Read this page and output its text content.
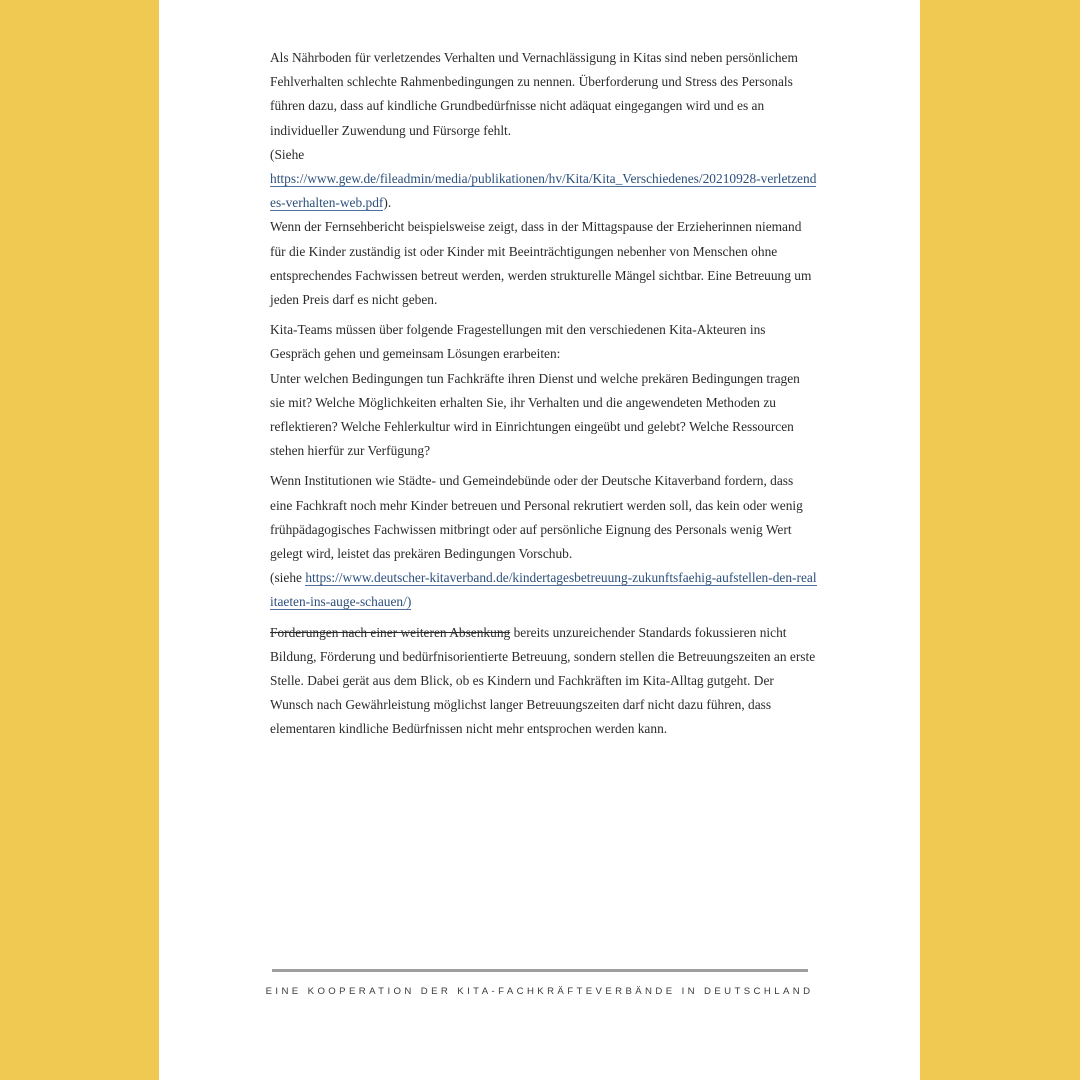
Als Nährboden für verletzendes Verhalten und Vernachlässigung in Kitas sind neben persönlichem Fehlverhalten schlechte Rahmenbedingungen zu nennen. Überforderung und Stress des Personals führen dazu, dass auf kindliche Grundbedürfnisse nicht adäquat eingegangen wird und es an individueller Zuwendung und Fürsorge fehlt.
(Siehe
https://www.gew.de/fileadmin/media/publikationen/hv/Kita/Kita_Verschiedenes/20210928-verletzendes-verhalten-web.pdf).
Wenn der Fernsehbericht beispielsweise zeigt, dass in der Mittagspause der Erzieherinnen niemand für die Kinder zuständig ist oder Kinder mit Beeinträchtigungen nebenher von Menschen ohne entsprechendes Fachwissen betreut werden, werden strukturelle Mängel sichtbar. Eine Betreuung um jeden Preis darf es nicht geben.

Kita-Teams müssen über folgende Fragestellungen mit den verschiedenen Kita-Akteuren ins Gespräch gehen und gemeinsam Lösungen erarbeiten:
Unter welchen Bedingungen tun Fachkräfte ihren Dienst und welche prekären Bedingungen tragen sie mit? Welche Möglichkeiten erhalten Sie, ihr Verhalten und die angewendeten Methoden zu reflektieren? Welche Fehlerkultur wird in Einrichtungen eingeübt und gelebt? Welche Ressourcen stehen hierfür zur Verfügung?

Wenn Institutionen wie Städte- und Gemeindebünde oder der Deutsche Kitaverband fordern, dass eine Fachkraft noch mehr Kinder betreuen und Personal rekrutiert werden soll, das kein oder wenig frühpädagogisches Fachwissen mitbringt oder auf persönliche Eignung des Personals wenig Wert gelegt wird, leistet das prekären Bedingungen Vorschub.
(siehe https://www.deutscher-kitaverband.de/kindertagesbetreuung-zukunftsfaehig-aufstellen-den-realitaeten-ins-auge-schauen/)

Forderungen nach einer weiteren Absenkung bereits unzureichender Standards fokussieren nicht Bildung, Förderung und bedürfnisorientierte Betreuung, sondern stellen die Betreuungszeiten an erste Stelle. Dabei gerät aus dem Blick, ob es Kindern und Fachkräften im Kita-Alltag gutgeht. Der Wunsch nach Gewährleistung möglichst langer Betreuungszeiten darf nicht dazu führen, dass elementaren kindliche Bedürfnissen nicht mehr entsprochen werden kann.

EINE KOOPERATION DER KITA-FACHKRÄFTEVERBÄNDE IN DEUTSCHLAND
